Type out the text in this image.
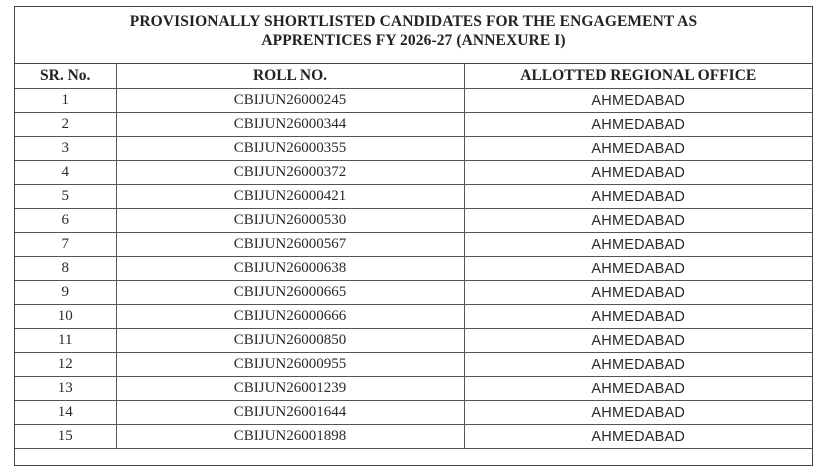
PROVISIONALLY SHORTLISTED CANDIDATES FOR THE ENGAGEMENT AS
APPRENTICES FY 2026-27 (ANNEXURE I)
SR. No.	ROLL NO.	ALLOTTED REGIONAL OFFICE
1	CBIJUN26000245	AHMEDABAD
2	CBIJUN26000344	AHMEDABAD
3	CBIJUN26000355	AHMEDABAD
4	CBIJUN26000372	AHMEDABAD
5	CBIJUN26000421	AHMEDABAD
6	CBIJUN26000530	AHMEDABAD
7	CBIJUN26000567	AHMEDABAD
8	CBIJUN26000638	AHMEDABAD
9	CBIJUN26000665	AHMEDABAD
10	CBIJUN26000666	AHMEDABAD
11	CBIJUN26000850	AHMEDABAD
12	CBIJUN26000955	AHMEDABAD
13	CBIJUN26001239	AHMEDABAD
14	CBIJUN26001644	AHMEDABAD
15	CBIJUN26001898	AHMEDABAD
